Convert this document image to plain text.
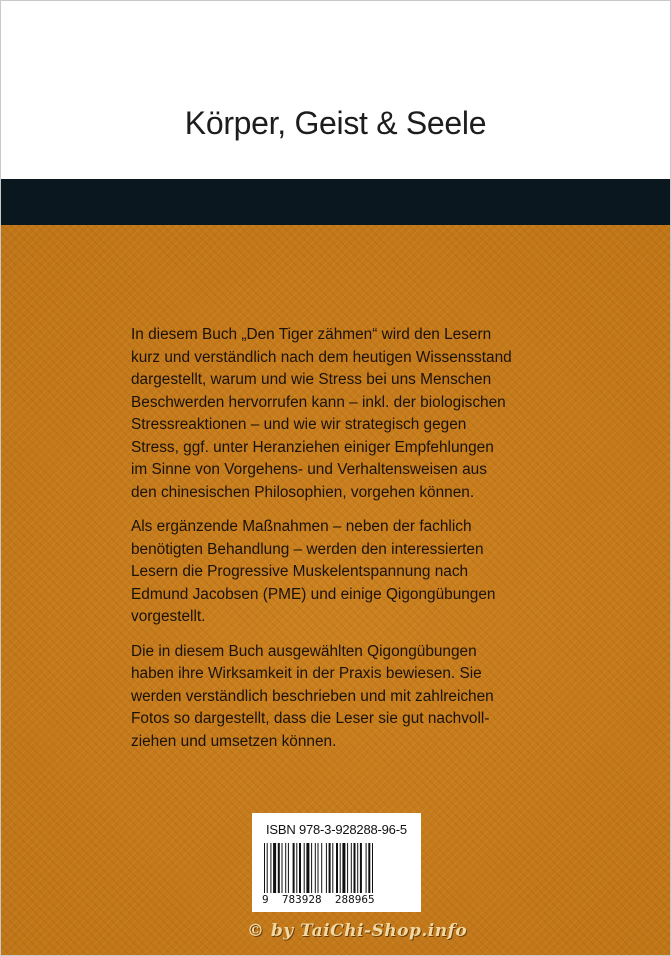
Körper, Geist & Seele

In diesem Buch „Den Tiger zähmen“ wird den Lesern
kurz und verständlich nach dem heutigen Wissensstand
dargestellt, warum und wie Stress bei uns Menschen
Beschwerden hervorrufen kann – inkl. der biologischen
Stressreaktionen – und wie wir strategisch gegen
Stress, ggf. unter Heranziehen einiger Empfehlungen
im Sinne von Vorgehens- und Verhaltensweisen aus
den chinesischen Philosophien, vorgehen können.

Als ergänzende Maßnahmen – neben der fachlich
benötigten Behandlung – werden den interessierten
Lesern die Progressive Muskelentspannung nach
Edmund Jacobsen (PME) und einige Qigongübungen
vorgestellt.

Die in diesem Buch ausgewählten Qigongübungen
haben ihre Wirksamkeit in der Praxis bewiesen. Sie
werden verständlich beschrieben und mit zahlreichen
Fotos so dargestellt, dass die Leser sie gut nachvoll-
ziehen und umsetzen können.

ISBN 978-3-928288-96-5
9  783928  288965
© by TaiChi-Shop.info
